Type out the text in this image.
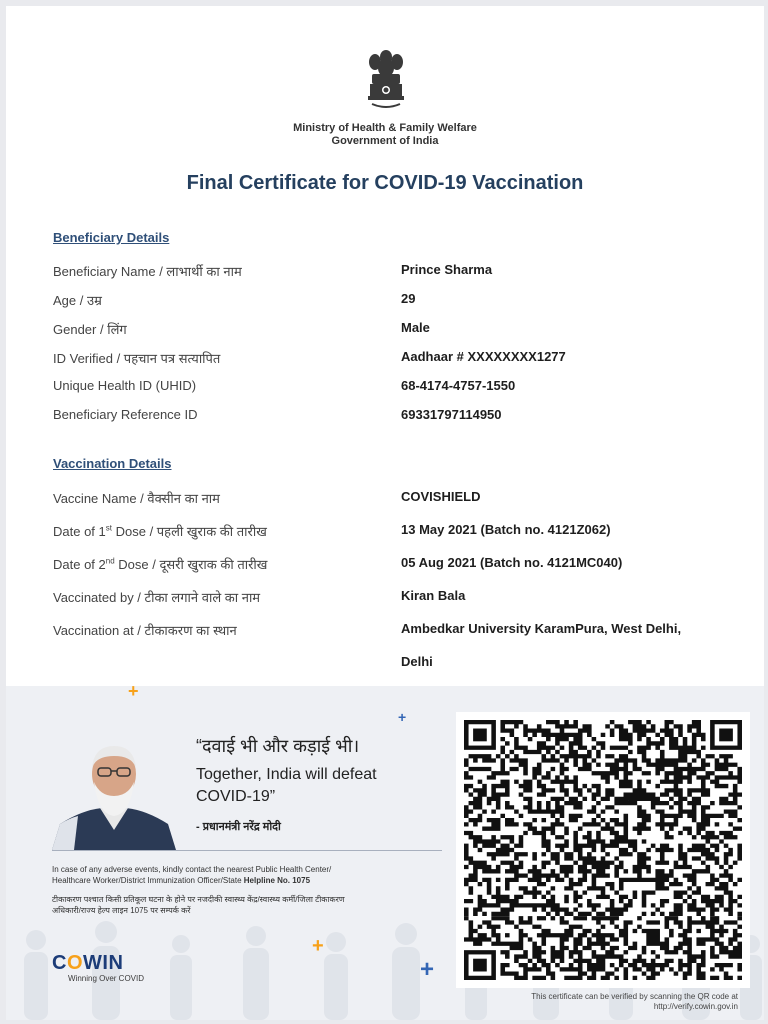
Ministry of Health & Family Welfare
Government of India
Final Certificate for COVID-19 Vaccination
Beneficiary Details
Beneficiary Name / लाभार्थी का नाम	Prince Sharma
Age / उम्र	29
Gender / लिंग	Male
ID Verified / पहचान पत्र सत्यापित	Aadhaar # XXXXXXXX1277
Unique Health ID (UHID)	68-4174-4757-1550
Beneficiary Reference ID	69331797114950
Vaccination Details
Vaccine Name / वैक्सीन का नाम	COVISHIELD
Date of 1st Dose / पहली खुराक की तारीख	13 May 2021 (Batch no. 4121Z062)
Date of 2nd Dose / दूसरी खुराक की तारीख	05 Aug 2021 (Batch no. 4121MC040)
Vaccinated by / टीका लगाने वाले का नाम	Kiran Bala
Vaccination at / टीकाकरण का स्थान	Ambedkar University KaramPura, West Delhi,
Delhi
+
+
+
+
“दवाई भी और कड़ाई भी।
Together, India will defeat COVID-19”
- प्रधानमंत्री नरेंद्र मोदी
In case of any adverse events, kindly contact the nearest Public Health Center/
Healthcare Worker/District Immunization Officer/State Helpline No. 1075
टीकाकरण पश्चात किसी प्रतिकूल घटना के होने पर नजदीकी स्वास्थ्य केंद्र/स्वास्थ्य कर्मी/जिला टीकाकरण
अधिकारी/राज्य हेल्प लाइन 1075 पर सम्पर्क करें
COWIN
Winning Over COVID
This certificate can be verified by scanning the QR code at
http://verify.cowin.gov.in
